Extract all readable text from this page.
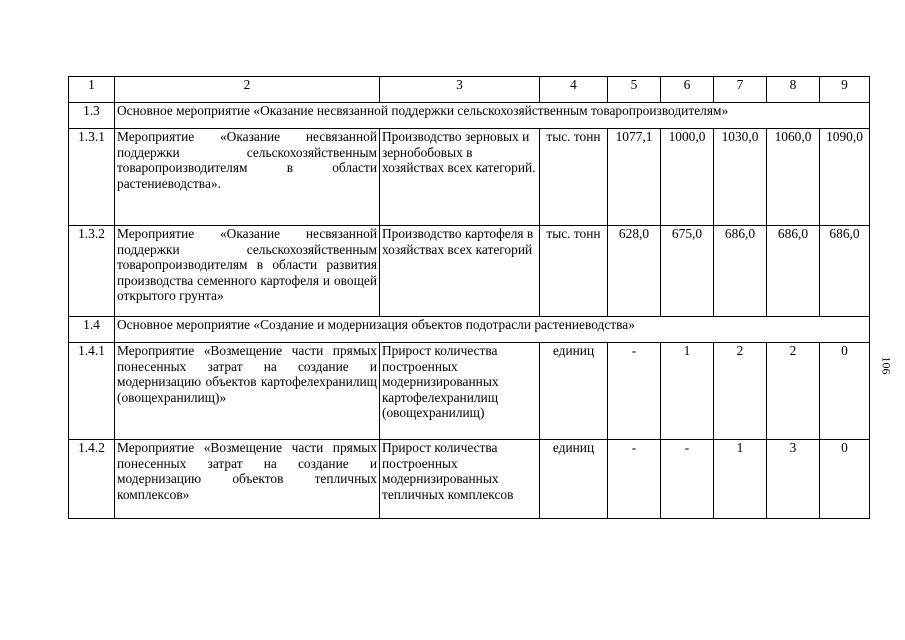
1	2	3	4	5	6	7	8	9
1.3	Основное мероприятие «Оказание несвязанной поддержки сельскохозяйственным товаропроизводителям»							
1.3.1	Мероприятие «Оказание несвязанной поддержки сельскохозяйственным товаропроизводителям в области растениеводства».	Производство зерновых и зернобобовых в хозяйствах всех категорий.	тыс. тонн	1077,1	1000,0	1030,0	1060,0	1090,0
1.3.2	Мероприятие «Оказание несвязанной поддержки сельскохозяйственным товаропроизводителям в области развития производства семенного картофеля и овощей открытого грунта»	Производство картофеля в хозяйствах всех категорий	тыс. тонн	628,0	675,0	686,0	686,0	686,0
1.4	Основное мероприятие «Создание и модернизация объектов подотрасли растениеводства»							
1.4.1	Мероприятие «Возмещение части прямых понесенных затрат на создание и модернизацию объектов картофелехранилищ (овощехранилищ)»	Прирост количества построенных модернизированных картофелехранилищ (овощехранилищ)	единиц	-	1	2	2	0
1.4.2	Мероприятие «Возмещение части прямых понесенных затрат на создание и модернизацию объектов тепличных комплексов»	Прирост количества построенных модернизированных тепличных комплексов	единиц	-	-	1	3	0
106
